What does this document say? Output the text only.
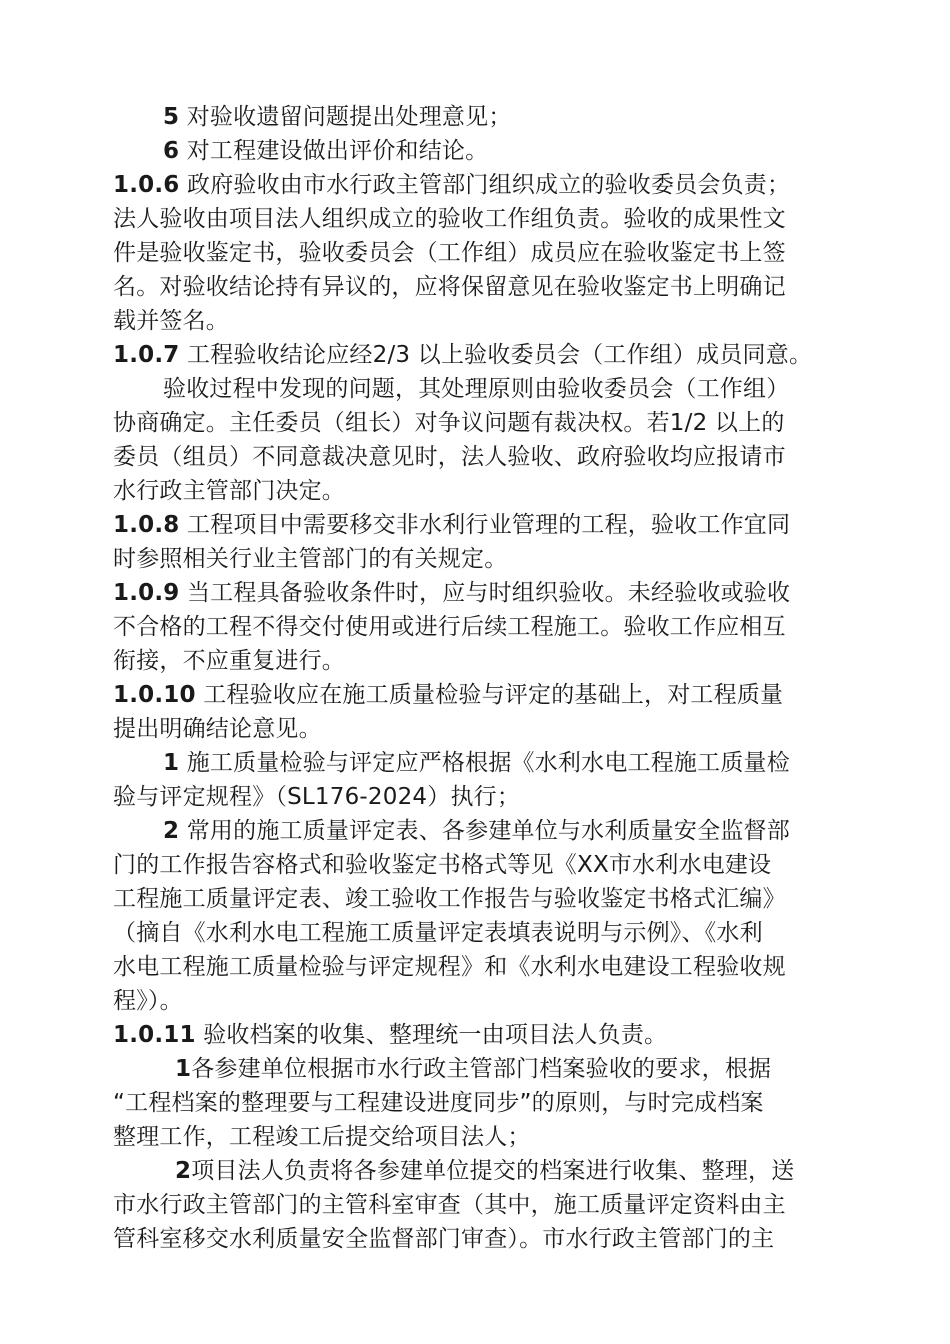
5 对验收遗留问题提出处理意见；
6 对工程建设做出评价和结论。
1.0.6 政府验收由市水行政主管部门组织成立的验收委员会负责；
法人验收由项目法人组织成立的验收工作组负责。验收的成果性文
件是验收鉴定书，验收委员会（工作组）成员应在验收鉴定书上签
名。对验收结论持有异议的，应将保留意见在验收鉴定书上明确记
载并签名。
1.0.7 工程验收结论应经2/3 以上验收委员会（工作组）成员同意。
验收过程中发现的问题，其处理原则由验收委员会（工作组）
协商确定。主任委员（组长）对争议问题有裁决权。若1/2 以上的
委员（组员）不同意裁决意见时，法人验收、政府验收均应报请市
水行政主管部门决定。
1.0.8 工程项目中需要移交非水利行业管理的工程，验收工作宜同
时参照相关行业主管部门的有关规定。
1.0.9 当工程具备验收条件时，应与时组织验收。未经验收或验收
不合格的工程不得交付使用或进行后续工程施工。验收工作应相互
衔接，不应重复进行。
1.0.10 工程验收应在施工质量检验与评定的基础上，对工程质量
提出明确结论意见。
1 施工质量检验与评定应严格根据《水利水电工程施工质量检
验与评定规程》（SL176-2024）执行；
2 常用的施工质量评定表、各参建单位与水利质量安全监督部
门的工作报告容格式和验收鉴定书格式等见《XX市水利水电建设
工程施工质量评定表、竣工验收工作报告与验收鉴定书格式汇编》
（摘自《水利水电工程施工质量评定表填表说明与示例》、《水利
水电工程施工质量检验与评定规程》和《水利水电建设工程验收规
程》）。
1.0.11 验收档案的收集、整理统一由项目法人负责。
1各参建单位根据市水行政主管部门档案验收的要求，根据
“工程档案的整理要与工程建设进度同步”的原则，与时完成档案
整理工作，工程竣工后提交给项目法人；
2项目法人负责将各参建单位提交的档案进行收集、整理，送
市水行政主管部门的主管科室审查（其中，施工质量评定资料由主
管科室移交水利质量安全监督部门审查）。市水行政主管部门的主
